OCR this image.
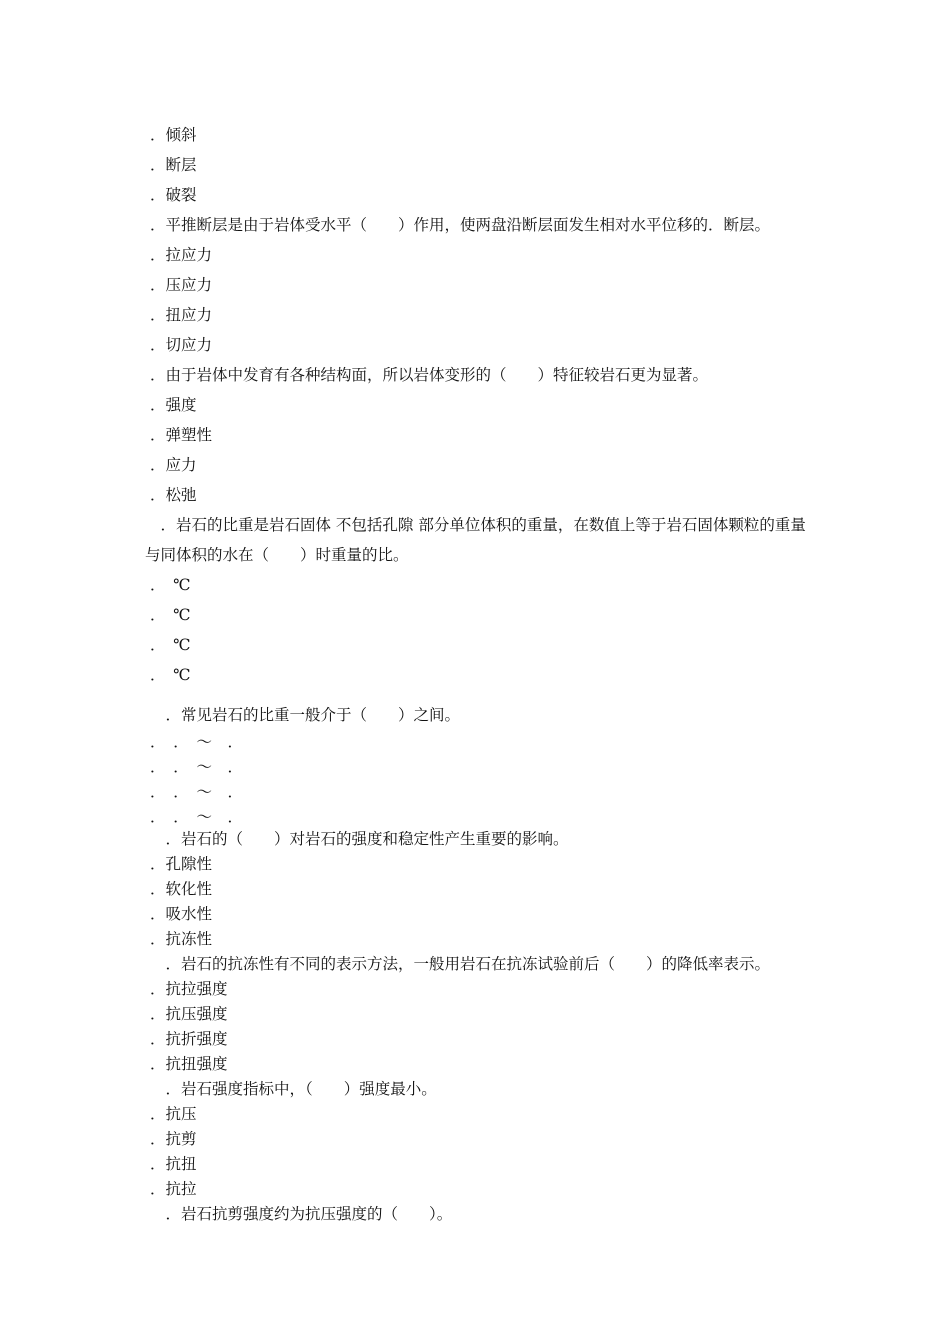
．倾斜
．断层
．破裂
．平推断层是由于岩体受水平（　　）作用，使两盘沿断层面发生相对水平位移的．断层。
．拉应力
．压应力
．扭应力
．切应力
．由于岩体中发育有各种结构面，所以岩体变形的（　　）特征较岩石更为显著。
．强度
．弹塑性
．应力
．松弛
　．岩石的比重是岩石固体 不包括孔隙 部分单位体积的重量，在数值上等于岩石固体颗粒的重量与同体积的水在（　　）时重量的比。
．　℃
．　℃
．　℃
．　℃
　．常见岩石的比重一般介于（　　）之间。
．　．　～　．
．　．　～　．
．　．　～　．
．　．　～　．
　．岩石的（　　）对岩石的强度和稳定性产生重要的影响。
．孔隙性
．软化性
．吸水性
．抗冻性
　．岩石的抗冻性有不同的表示方法，一般用岩石在抗冻试验前后（　　）的降低率表示。
．抗拉强度
．抗压强度
．抗折强度
．抗扭强度
　．岩石强度指标中，（　　）强度最小。
．抗压
．抗剪
．抗扭
．抗拉
　．岩石抗剪强度约为抗压强度的（　　）。
